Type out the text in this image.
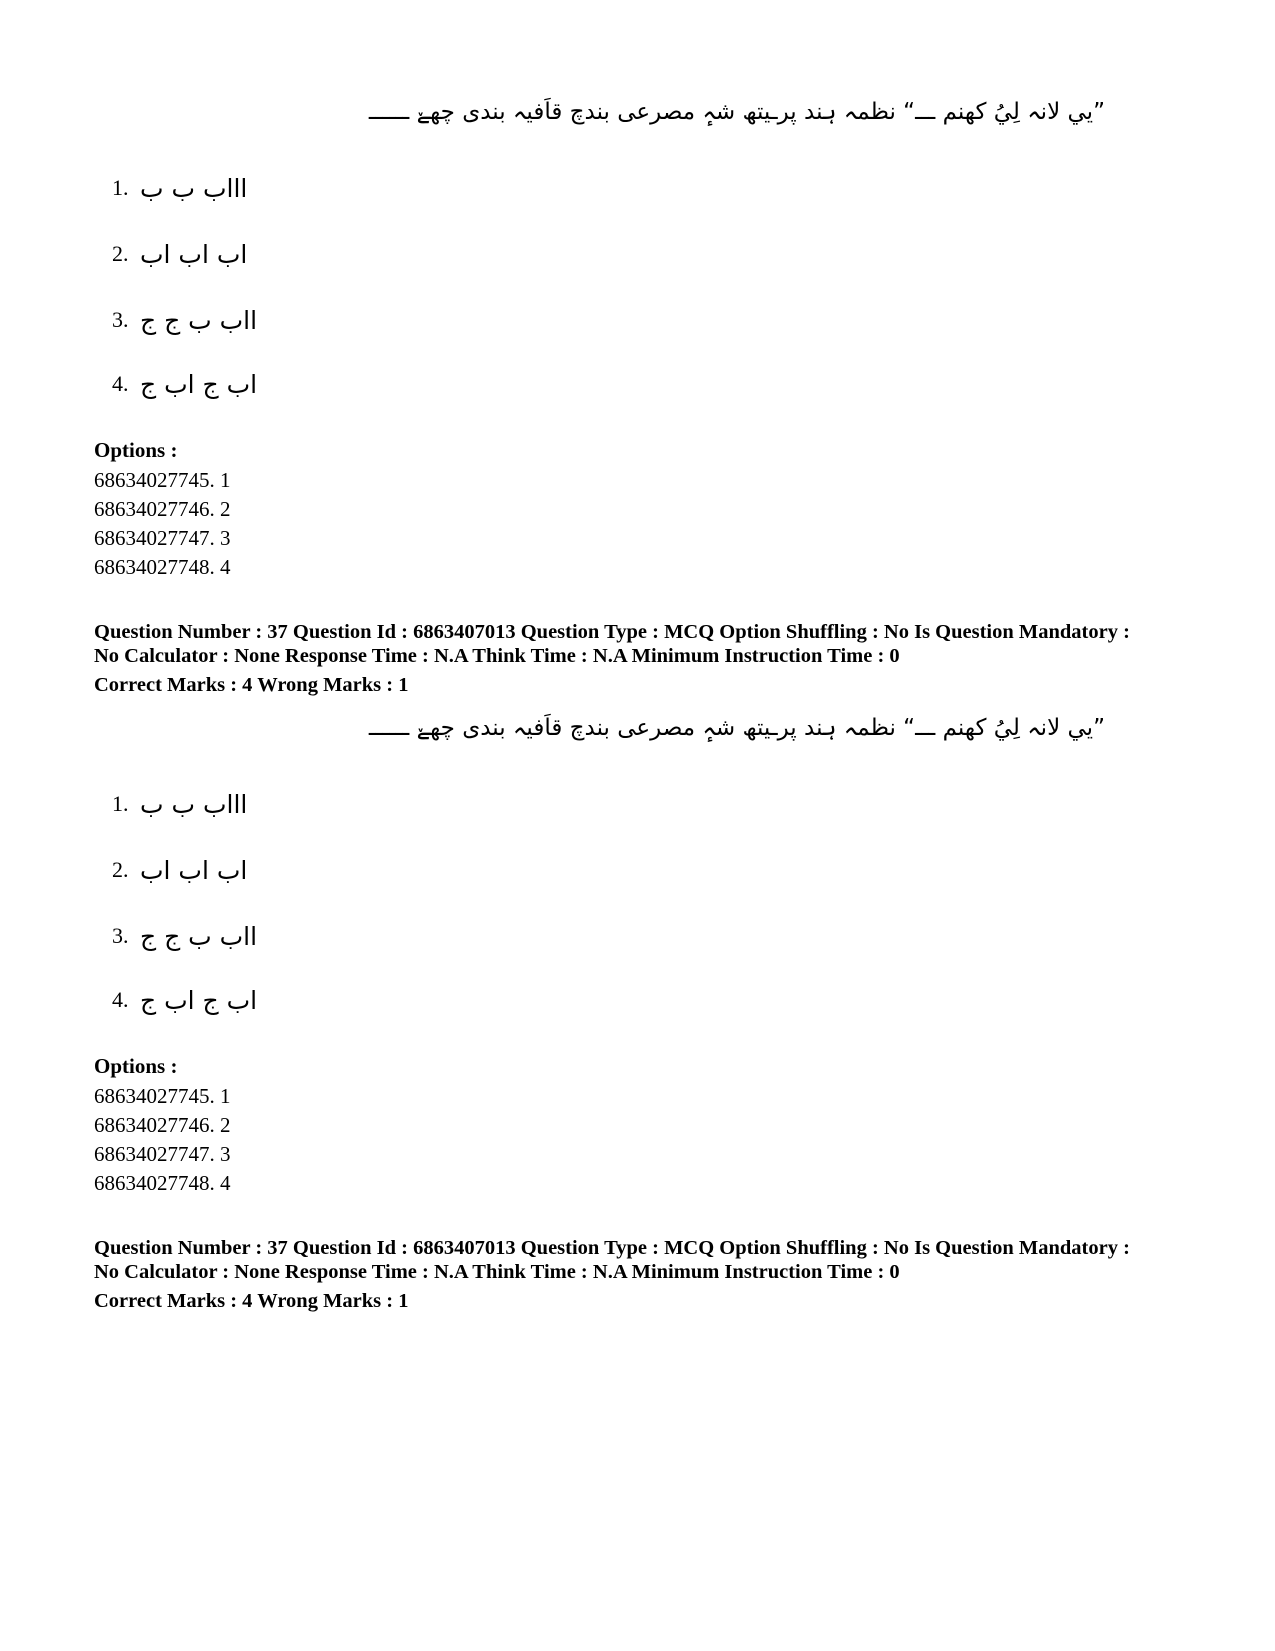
”يي لانہ لِيُ کھنم ـــ“ نظمہ ہند پرـيتھ شہٕ مصرعی بندچ قاَفیہ بندی چھےٚ ــــــ
1. اااب ب ب
2. اب اب اب
3. ااب ب ج ج
4. اب ج اب ج
Options :
68634027745. 1
68634027746. 2
68634027747. 3
68634027748. 4
Question Number : 37 Question Id : 6863407013 Question Type : MCQ Option Shuffling : No Is Question Mandatory :
No Calculator : None Response Time : N.A Think Time : N.A Minimum Instruction Time : 0
Correct Marks : 4 Wrong Marks : 1
”يي لانہ لِيُ کھنم ـــ“ نظمہ ہند پرـيتھ شہٕ مصرعی بندچ قاَفیہ بندی چھےٚ ــــــ
1. اااب ب ب
2. اب اب اب
3. ااب ب ج ج
4. اب ج اب ج
Options :
68634027745. 1
68634027746. 2
68634027747. 3
68634027748. 4
Question Number : 37 Question Id : 6863407013 Question Type : MCQ Option Shuffling : No Is Question Mandatory :
No Calculator : None Response Time : N.A Think Time : N.A Minimum Instruction Time : 0
Correct Marks : 4 Wrong Marks : 1
